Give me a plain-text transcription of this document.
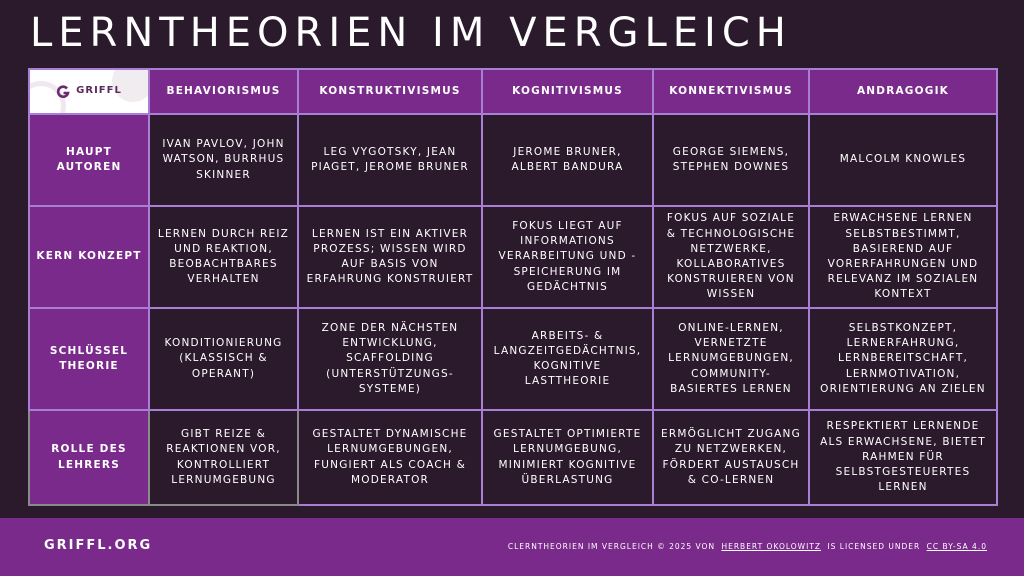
LERNTHEORIEN IM VERGLEICH
GRIFFL	BEHAVIORISMUS	KONSTRUKTIVISMUS	KOGNITIVISMUS	KONNEKTIVISMUS	ANDRAGOGIK
HAUPT AUTOREN	IVAN PAVLOV, JOHN WATSON, BURRHUS SKINNER	LEG VYGOTSKY, JEAN PIAGET, JEROME BRUNER	JEROME BRUNER, ALBERT BANDURA	GEORGE SIEMENS, STEPHEN DOWNES	MALCOLM KNOWLES
KERN KONZEPT	LERNEN DURCH REIZ UND REAKTION, BEOBACHTBARES VERHALTEN	LERNEN IST EIN AKTIVER PROZESS; WISSEN WIRD AUF BASIS VON ERFAHRUNG KONSTRUIERT	FOKUS LIEGT AUF INFORMATIONS VERARBEITUNG UND -SPEICHERUNG IM GEDÄCHTNIS	FOKUS AUF SOZIALE & TECHNOLOGISCHE NETZWERKE, KOLLABORATIVES KONSTRUIEREN VON WISSEN	ERWACHSENE LERNEN SELBSTBESTIMMT, BASIEREND AUF VORERFAHRUNGEN UND RELEVANZ IM SOZIALEN KONTEXT
SCHLÜSSEL THEORIE	KONDITIONIERUNG (KLASSISCH & OPERANT)	ZONE DER NÄCHSTEN ENTWICKLUNG, SCAFFOLDING (UNTERSTÜTZUNGS-SYSTEME)	ARBEITS- & LANGZEITGEDÄCHTNIS, KOGNITIVE LASTTHEORIE	ONLINE-LERNEN, VERNETZTE LERNUMGEBUNGEN, COMMUNITY-BASIERTES LERNEN	SELBSTKONZEPT, LERNERFAHRUNG, LERNBEREITSCHAFT, LERNMOTIVATION, ORIENTIERUNG AN ZIELEN
ROLLE DES LEHRERS	GIBT REIZE & REAKTIONEN VOR, KONTROLLIERT LERNUMGEBUNG	GESTALTET DYNAMISCHE LERNUMGEBUNGEN, FUNGIERT ALS COACH & MODERATOR	GESTALTET OPTIMIERTE LERNUMGEBUNG, MINIMIERT KOGNITIVE ÜBERLASTUNG	ERMÖGLICHT ZUGANG ZU NETZWERKEN, FÖRDERT AUSTAUSCH & CO-LERNEN	RESPEKTIERT LERNENDE ALS ERWACHSENE, BIETET RAHMEN FÜR SELBSTGESTEUERTES LERNEN
GRIFFL.ORG	CLERNTHEORIEN IM VERGLEICH © 2025 VON HERBERT OKOLOWITZ IS LICENSED UNDER CC BY-SA 4.0
